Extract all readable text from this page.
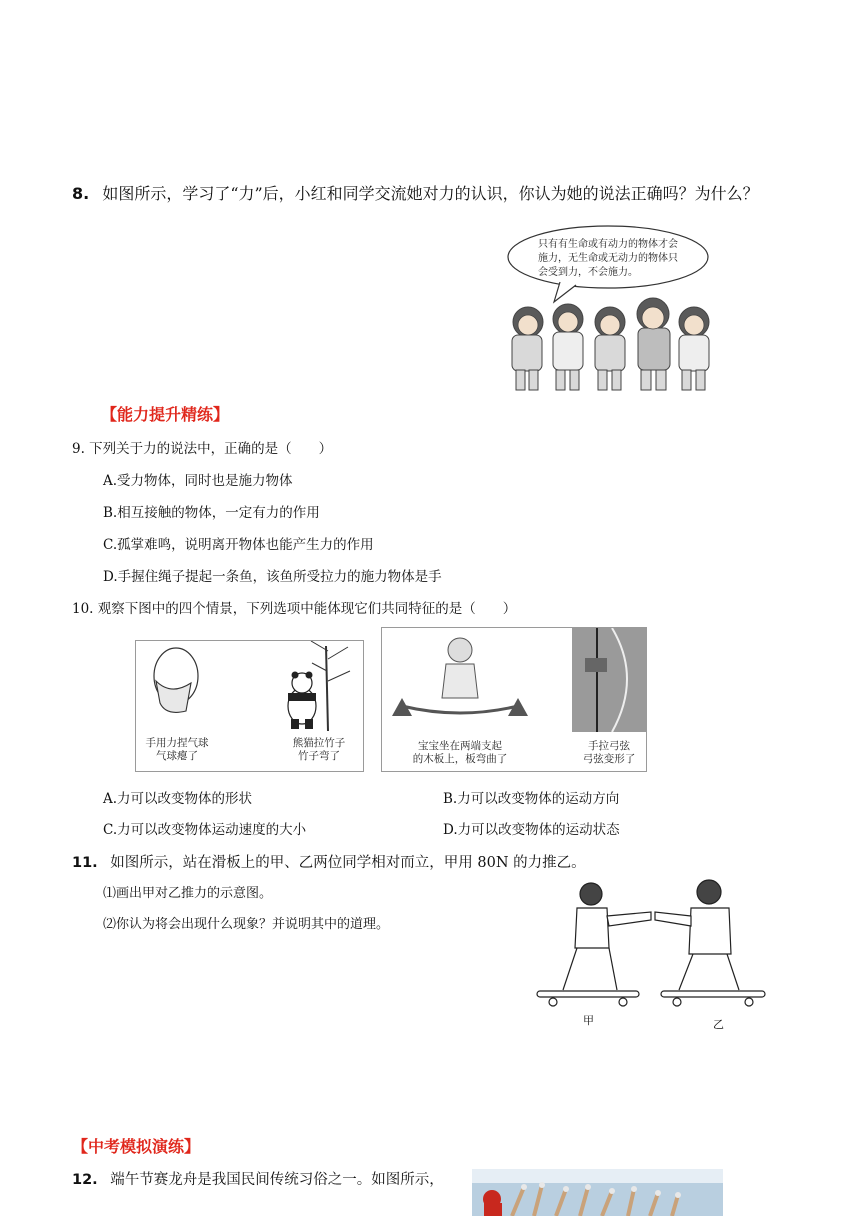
8. 如图所示，学习了“力”后，小红和同学交流她对力的认识，你认为她的说法正确吗？为什么？
只有有生命或有动力的物体才会施力，无生命或无动力的物体只会受到力，不会施力。
【能力提升精练】
9. 下列关于力的说法中，正确的是（　　）
A.受力物体，同时也是施力物体
B.相互接触的物体，一定有力的作用
C.孤掌难鸣，说明离开物体也能产生力的作用
D.手握住绳子提起一条鱼，该鱼所受拉力的施力物体是手
10. 观察下图中的四个情景，下列选项中能体现它们共同特征的是（　　）
手用力捏气球
气球瘪了
熊猫拉竹子
竹子弯了
宝宝坐在两端支起
的木板上，板弯曲了
手拉弓弦
弓弦变形了
A.力可以改变物体的形状	B.力可以改变物体的运动方向
C.力可以改变物体运动速度的大小	D.力可以改变物体的运动状态
11. 如图所示，站在滑板上的甲、乙两位同学相对而立，甲用 80N 的力推乙。
⑴画出甲对乙推力的示意图。
⑵你认为将会出现什么现象？并说明其中的道理。
甲	乙
【中考模拟演练】
12. 端午节赛龙舟是我国民间传统习俗之一。如图所示，
